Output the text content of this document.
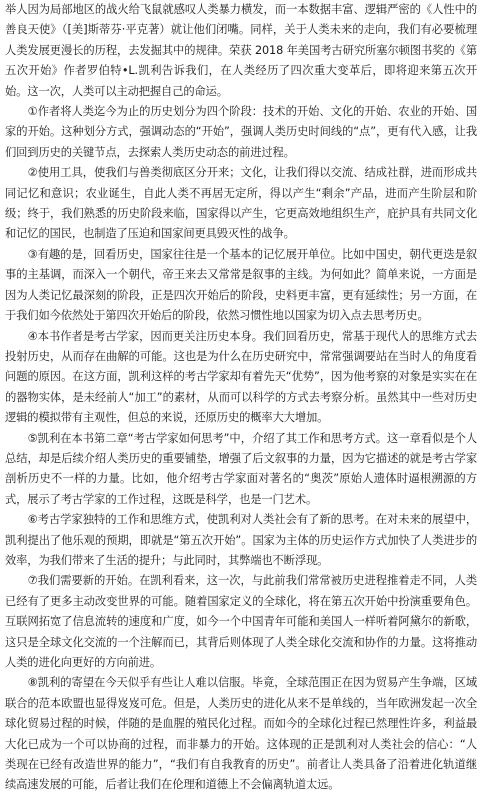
举人因为局部地区的战火给飞鼠就感叹人类暴力横发，而一本数据丰富、逻辑严密的《人性中的善良天使》（[美]斯蒂芬·平克著）就让他们闭嘴。同样，关于人类未来的走向，我们有必要梳理人类发展更漫长的历程，去发掘其中的规律。荣获 2018 年美国考古研究所塞尔顿图书奖的《第五次开始》作者罗伯特•L.凯利告诉我们，在人类经历了四次重大变革后，即将迎来第五次开始。这一次，人类可以主动把握自己的命运。

①作者将人类迄今为止的历史划分为四个阶段：技术的开始、文化的开始、农业的开始、国家的开始。这种划分方式，强调动态的“开始”，强调人类历史时间线的“点”，更有代入感，让我们回到历史的关键节点，去探索人类历史动态的前进过程。

②使用工具，使我们与兽类彻底区分开来；文化，让我们得以交流、结成社群，进而形成共同记忆和意识；农业诞生，自此人类不再居无定所，得以产生“剩余”产品，进而产生阶层和阶级；终于，我们熟悉的历史阶段来临，国家得以产生，它更高效地组织生产，庇护具有共同文化和记忆的国民，也制造了压迫和国家间更具毁灭性的战争。

③有趣的是，回看历史，国家往往是一个基本的记忆展开单位。比如中国史，朝代更迭是叙事的主基调，而深入一个朝代，帝王来去又常常是叙事的主线。为何如此？简单来说，一方面是因为人类记忆最深刻的阶段，正是四次开始后的阶段，史料更丰富，更有延续性；另一方面，在于我们如今依然处于第四次开始后的阶段，依然习惯性地以国家为切入点去思考历史。

④本书作者是考古学家，因而更关注历史本身。我们回看历史，常基于现代人的思维方式去投射历史，从而存在曲解的可能。这也是为什么在历史研究中，常常强调要站在当时人的角度看问题的原因。在这方面，凯利这样的考古学家却有着先天“优势”，因为他考察的对象是实实在在的器物实体，是未经前人“加工”的素材，从而可以科学的方式去考察分析。虽然其中一些对历史逻辑的模拟带有主观性，但总的来说，还原历史的概率大大增加。

⑤凯利在本书第二章“考古学家如何思考”中，介绍了其工作和思考方式。这一章看似是个人总结，却是后续介绍人类历史的重要铺垫，增强了后文叙事的力量，因为它描述的就是考古学家剖析历史不一样的力量。比如，他介绍考古学家面对著名的“奥茨”原始人遗体时逼根溯源的方式，展示了考古学家的工作过程，这既是科学，也是一门艺术。

⑥考古学家独特的工作和思维方式，使凯利对人类社会有了新的思考。在对未来的展望中，凯利提出了他乐观的预期，即就是“第五次开始”。国家为主体的历史运作方式加快了人类进步的效率，为我们带来了生活的提升；与此同时，其弊端也不断浮现。

⑦我们需要新的开始。在凯利看来，这一次，与此前我们常常被历史进程推着走不同，人类已经有了更多主动改变世界的可能。随着国家定义的全球化，将在第五次开始中扮演重要角色。互联网拓宽了信息流转的速度和广度，如今一个中国青年可能和美国人一样听着阿黛尔的新歌，这只是全球文化交流的一个注解而已，其背后则体现了人类全球化交流和协作的力量。这将推动人类的进化向更好的方向前进。

⑧凯利的寄望在今天似乎有些让人难以信服。毕竟，全球范围正在因为贸易产生争端，区域联合的范本欧盟也显得岌岌可危。但是，人类历史的进化从来不是单线的，当年欧洲发起一次全球化贸易过程的时候，伴随的是血腥的殖民化过程。而如今的全球化过程已然理性许多，利益最大化已成为一个可以协商的过程，而非暴力的开始。这体现的正是凯利对人类社会的信心：“人类现在已经有改造世界的能力”，“我们有自我教育的历史”。前者让人类具备了沿着进化轨道继续高速发展的可能，后者让我们在伦理和道德上不会偏离轨道太远。
